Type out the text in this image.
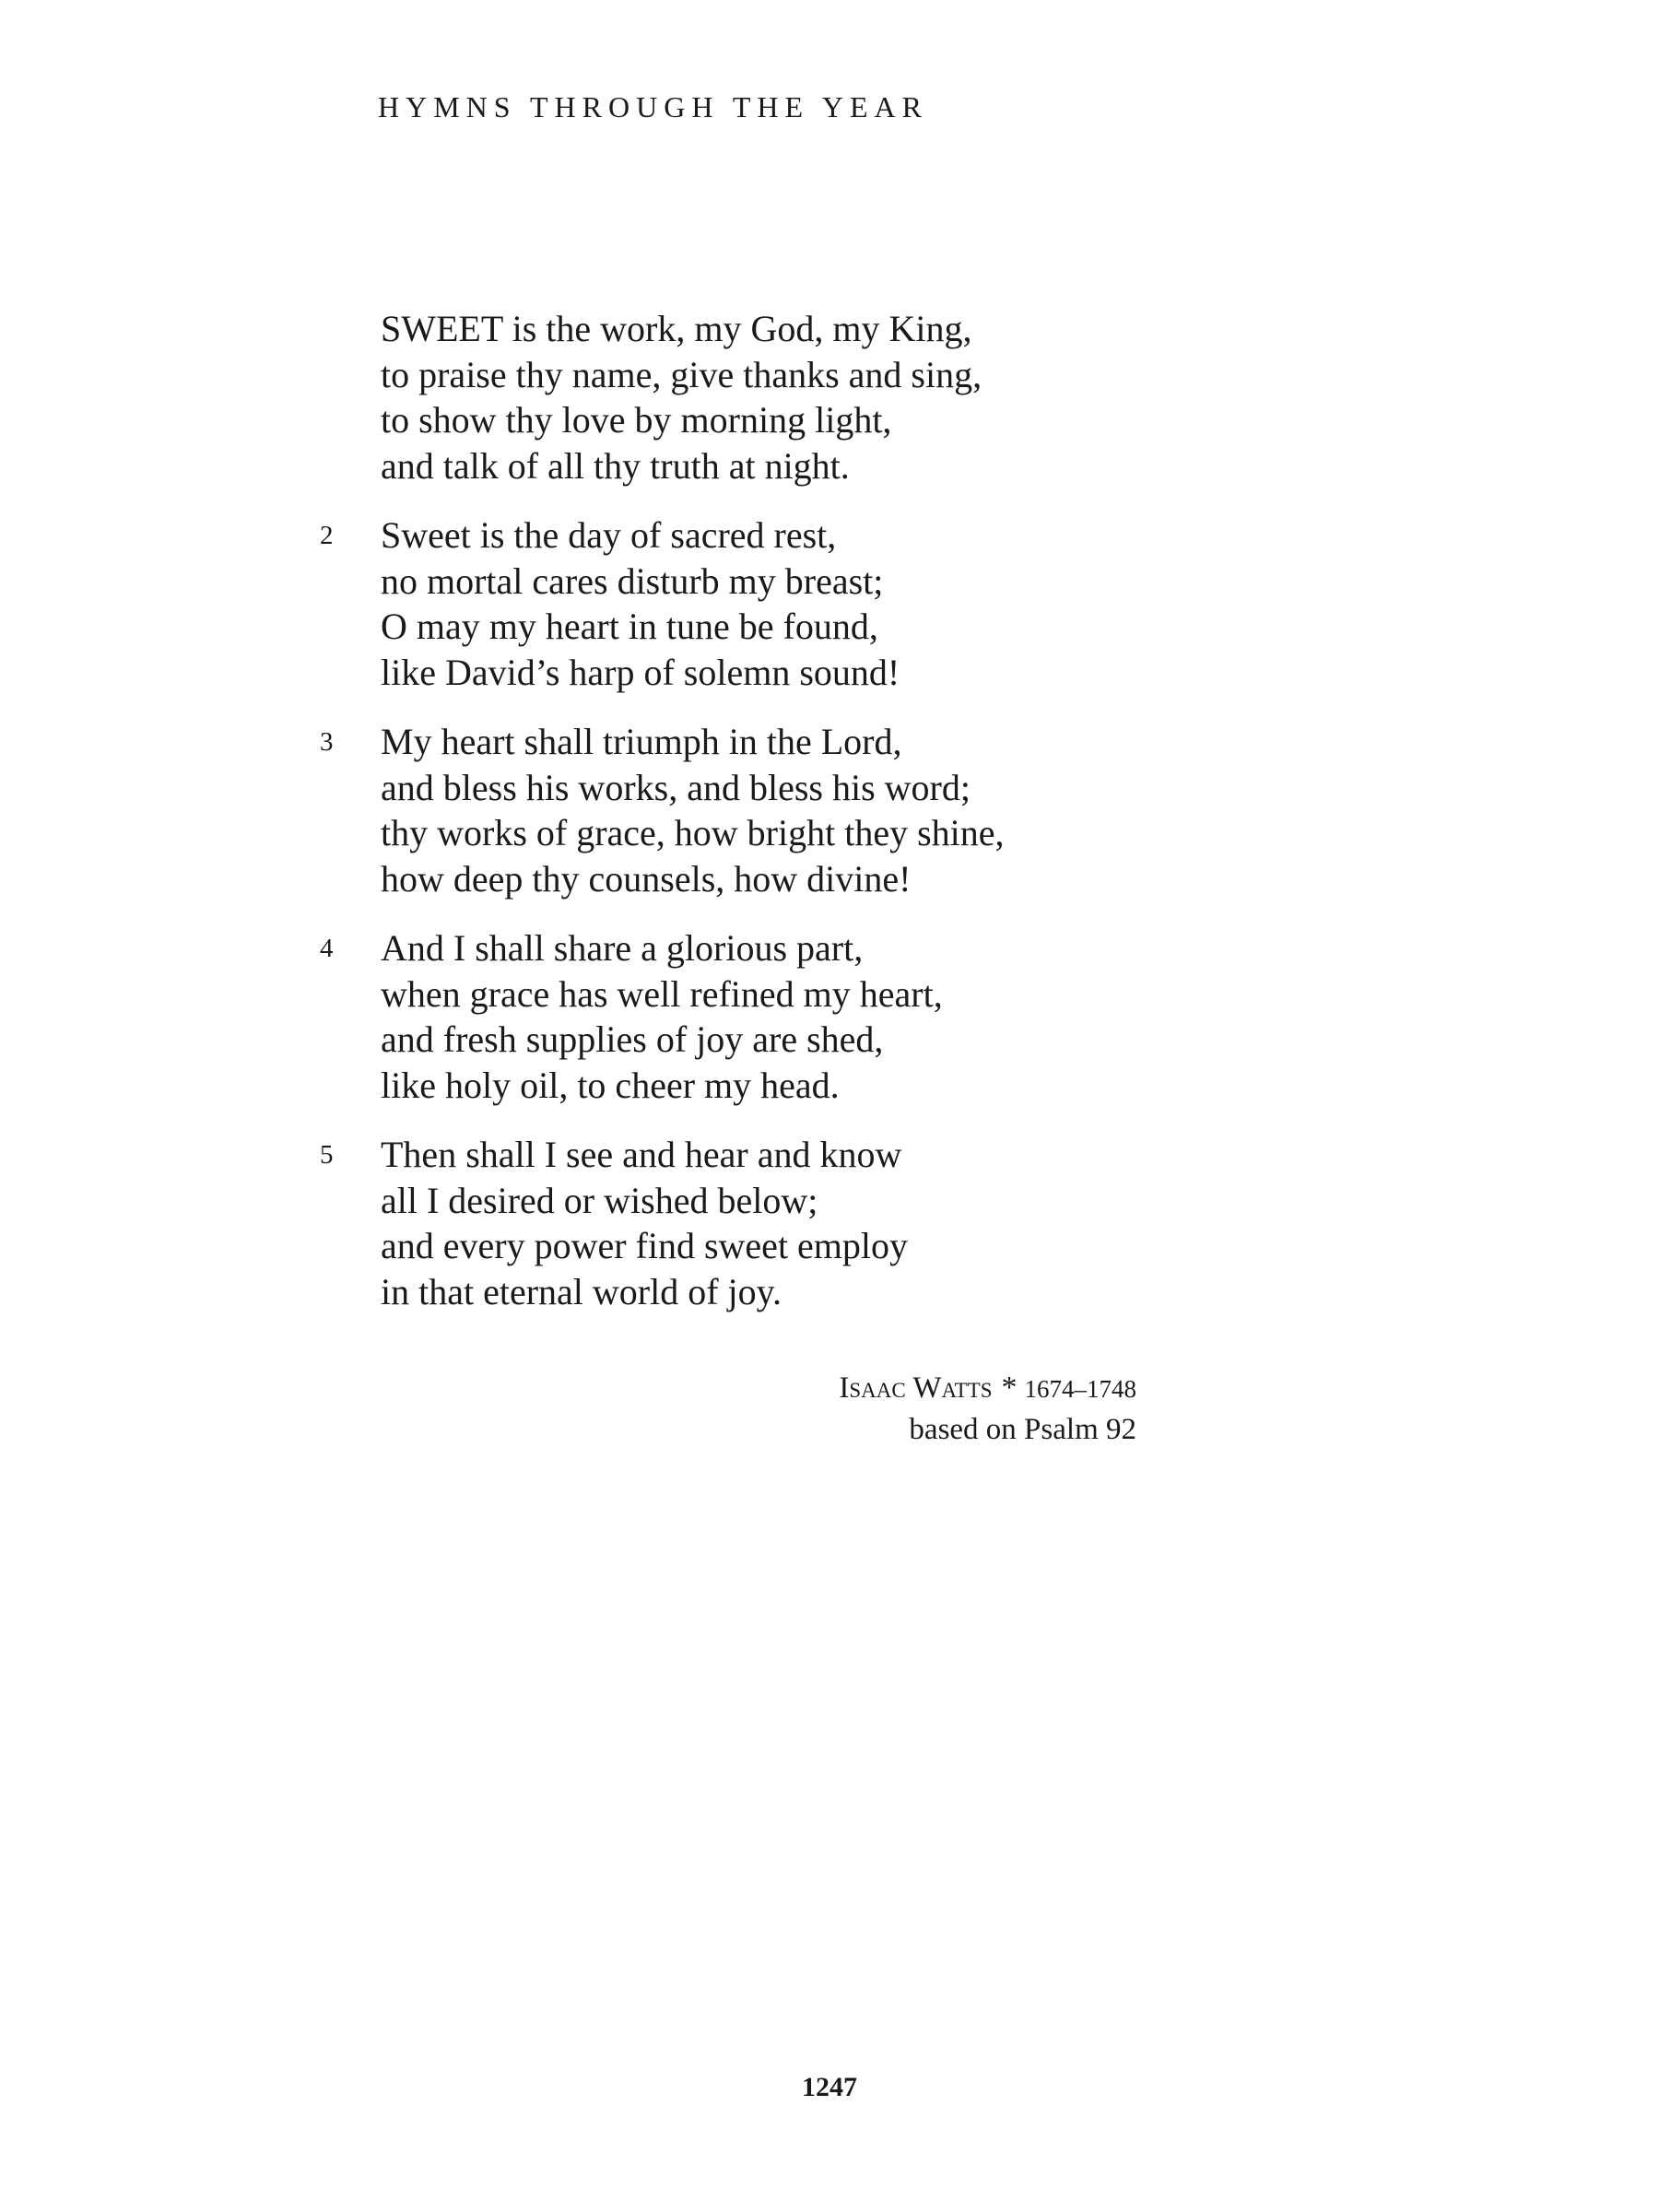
HYMNS THROUGH THE YEAR
SWEET is the work, my God, my King,
to praise thy name, give thanks and sing,
to show thy love by morning light,
and talk of all thy truth at night.
2 Sweet is the day of sacred rest,
no mortal cares disturb my breast;
O may my heart in tune be found,
like David’s harp of solemn sound!
3 My heart shall triumph in the Lord,
and bless his works, and bless his word;
thy works of grace, how bright they shine,
how deep thy counsels, how divine!
4 And I shall share a glorious part,
when grace has well refined my heart,
and fresh supplies of joy are shed,
like holy oil, to cheer my head.
5 Then shall I see and hear and know
all I desired or wished below;
and every power find sweet employ
in that eternal world of joy.
Isaac Watts * 1674–1748
based on Psalm 92
1247
